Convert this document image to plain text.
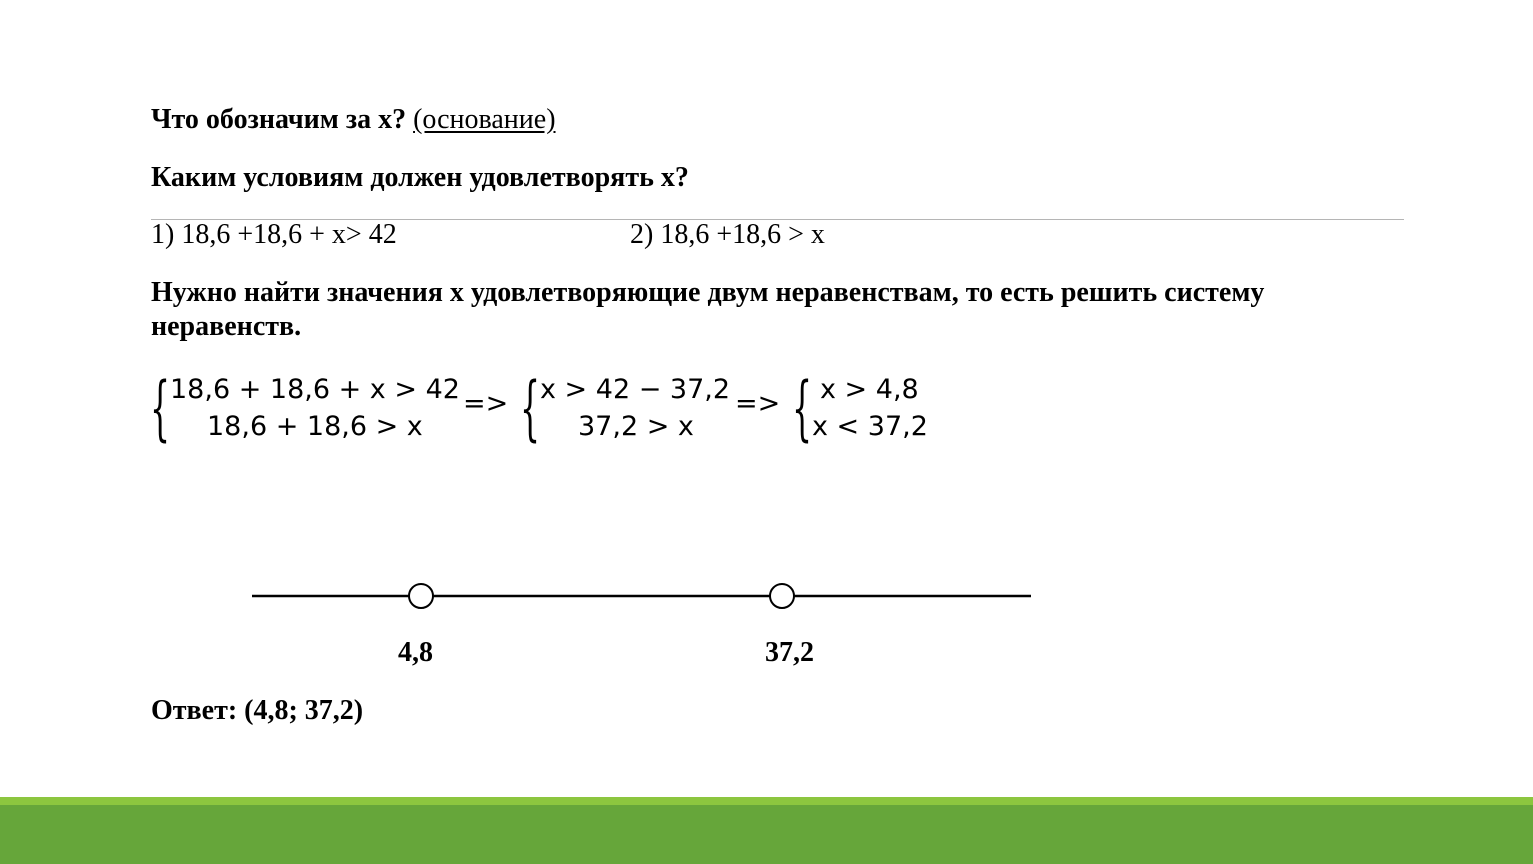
Что обозначим за х? (основание)
Каким условиям должен удовлетворять х?
1) 18,6 +18,6 + х> 42	2) 18,6 +18,6 > х
Нужно найти значения х удовлетворяющие двум неравенствам, то есть решить систему неравенств.
{ 18,6 + 18,6 + x > 42
18,6 + 18,6 > x
=> { x > 42 − 37,2
37,2 > x
=> { x > 4,8
x < 37,2
4,8	37,2
Ответ: (4,8; 37,2)
